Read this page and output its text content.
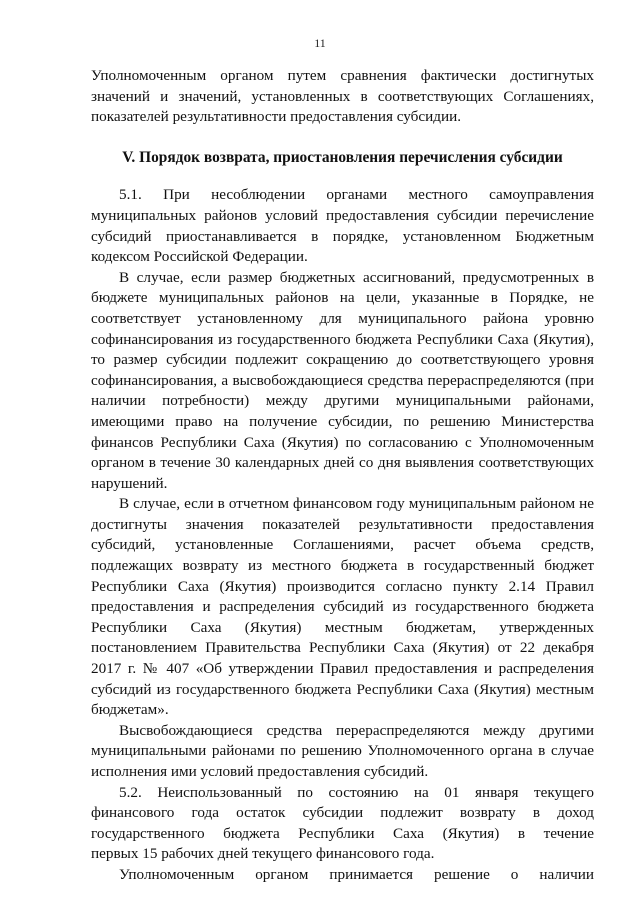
11
Уполномоченным органом путем сравнения фактически достигнутых
значений и значений, установленных в соответствующих Соглашениях,
показателей результативности предоставления субсидии.
V. Порядок возврата, приостановления перечисления субсидии
5.1. При несоблюдении органами местного самоуправления
муниципальных районов условий предоставления субсидии перечисление
субсидий приостанавливается в порядке, установленном Бюджетным
кодексом Российской Федерации.
В случае, если размер бюджетных ассигнований, предусмотренных в
бюджете муниципальных районов на цели, указанные в Порядке, не
соответствует установленному для муниципального района уровню
софинансирования из государственного бюджета Республики Саха (Якутия),
то размер субсидии подлежит сокращению до соответствующего уровня
софинансирования, а высвобождающиеся средства перераспределяются (при
наличии потребности) между другими муниципальными районами,
имеющими право на получение субсидии, по решению Министерства
финансов Республики Саха (Якутия) по согласованию с Уполномоченным
органом в течение 30 календарных дней со дня выявления соответствующих
нарушений.
В случае, если в отчетном финансовом году муниципальным районом не
достигнуты значения показателей результативности предоставления
субсидий, установленные Соглашениями, расчет объема средств,
подлежащих возврату из местного бюджета в государственный бюджет
Республики Саха (Якутия) производится согласно пункту 2.14 Правил
предоставления и распределения субсидий из государственного бюджета
Республики Саха (Якутия) местным бюджетам, утвержденных
постановлением Правительства Республики Саха (Якутия) от 22 декабря
2017 г. № 407 «Об утверждении Правил предоставления и распределения
субсидий из государственного бюджета Республики Саха (Якутия) местным
бюджетам».
Высвобождающиеся средства перераспределяются между другими
муниципальными районами по решению Уполномоченного органа в случае
исполнения ими условий предоставления субсидий.
5.2. Неиспользованный по состоянию на 01 января текущего
финансового года остаток субсидии подлежит возврату в доход
государственного бюджета Республики Саха (Якутия) в течение
первых 15 рабочих дней текущего финансового года.
Уполномоченным органом принимается решение о наличии
